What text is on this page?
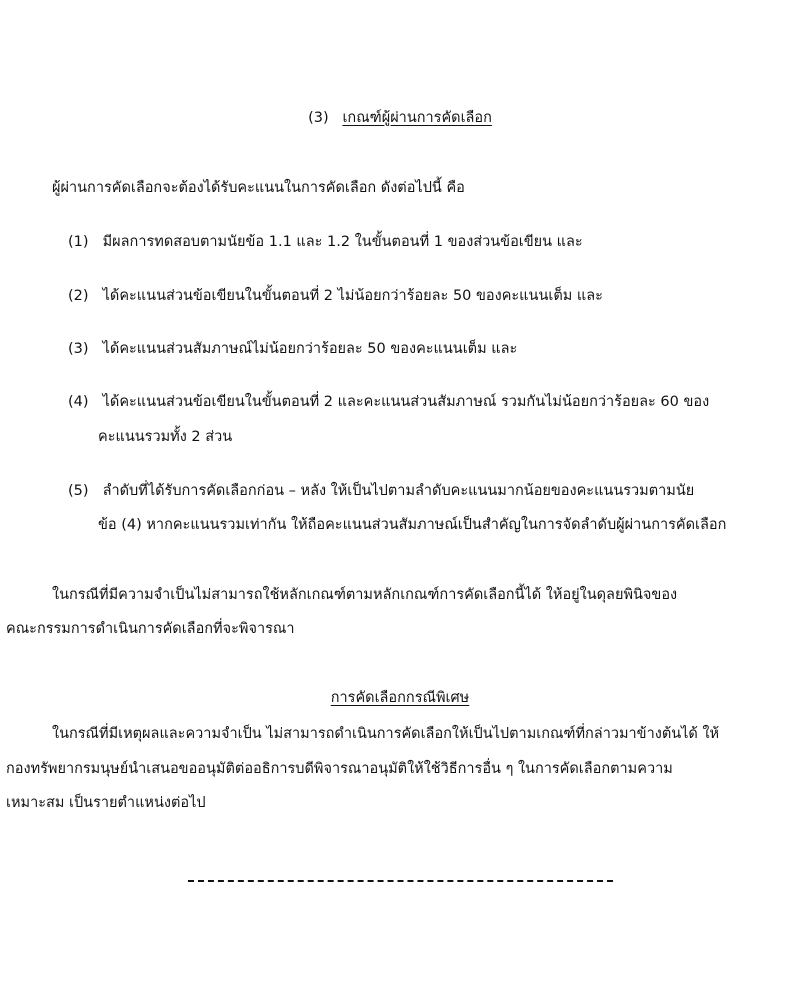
(3) เกณฑ์ผู้ผ่านการคัดเลือก
ผู้ผ่านการคัดเลือกจะต้องได้รับคะแนนในการคัดเลือก ดังต่อไปนี้ คือ
(1) มีผลการทดสอบตามนัยข้อ 1.1 และ 1.2 ในขั้นตอนที่ 1 ของส่วนข้อเขียน และ
(2) ได้คะแนนส่วนข้อเขียนในขั้นตอนที่ 2 ไม่น้อยกว่าร้อยละ 50 ของคะแนนเต็ม และ
(3) ได้คะแนนส่วนสัมภาษณ์ไม่น้อยกว่าร้อยละ 50 ของคะแนนเต็ม และ
(4) ได้คะแนนส่วนข้อเขียนในขั้นตอนที่ 2 และคะแนนส่วนสัมภาษณ์ รวมกันไม่น้อยกว่าร้อยละ 60 ของ
คะแนนรวมทั้ง 2 ส่วน
(5) ลำดับที่ได้รับการคัดเลือกก่อน – หลัง ให้เป็นไปตามลำดับคะแนนมากน้อยของคะแนนรวมตามนัย
ข้อ (4) หากคะแนนรวมเท่ากัน ให้ถือคะแนนส่วนสัมภาษณ์เป็นสำคัญในการจัดลำดับผู้ผ่านการคัดเลือก
ในกรณีที่มีความจำเป็นไม่สามารถใช้หลักเกณฑ์ตามหลักเกณฑ์การคัดเลือกนี้ได้ ให้อยู่ในดุลยพินิจของ
คณะกรรมการดำเนินการคัดเลือกที่จะพิจารณา
การคัดเลือกกรณีพิเศษ
ในกรณีที่มีเหตุผลและความจำเป็น ไม่สามารถดำเนินการคัดเลือกให้เป็นไปตามเกณฑ์ที่กล่าวมาข้างต้นได้ ให้
กองทรัพยากรมนุษย์นำเสนอขออนุมัติต่ออธิการบดีพิจารณาอนุมัติให้ใช้วิธีการอื่น ๆ ในการคัดเลือกตามความ
เหมาะสม เป็นรายตำแหน่งต่อไป
